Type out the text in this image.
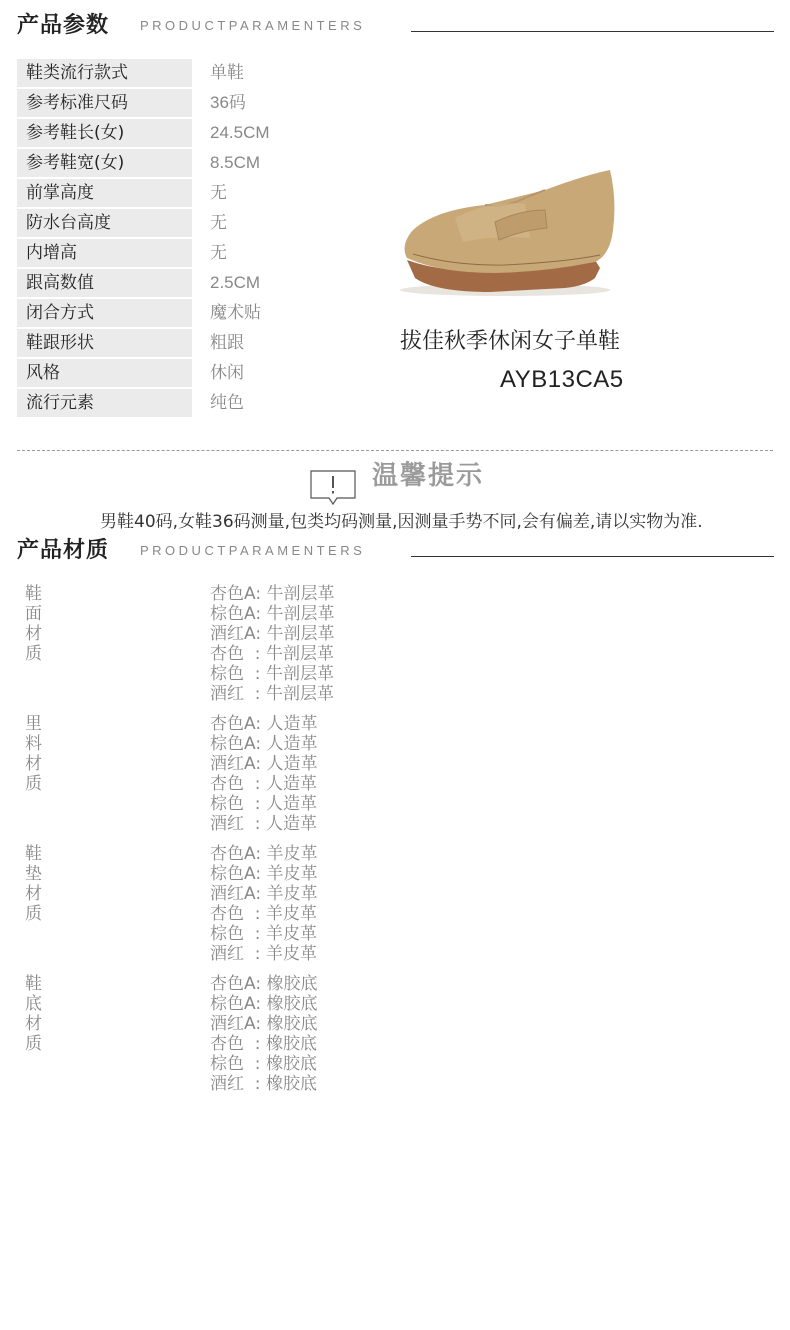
产品参数 PRODUCTPARAMENTERS
鞋类流行款式	单鞋
参考标准尺码	36码
参考鞋长(女)	24.5CM
参考鞋宽(女)	8.5CM
前掌高度	无
防水台高度	无
内增高	无
跟高数值	2.5CM
闭合方式	魔术贴
鞋跟形状	粗跟
风格	休闲
流行元素	纯色
拔佳秋季休闲女子单鞋
AYB13CA5
温馨提示
男鞋40码,女鞋36码测量,包类均码测量,因测量手势不同,会有偏差,请以实物为准.
产品材质 PRODUCTPARAMENTERS
鞋面材质
杏色A: 牛剖层革
棕色A: 牛剖层革
酒红A: 牛剖层革
杏色  : 牛剖层革
棕色  : 牛剖层革
酒红  : 牛剖层革
里料材质
杏色A: 人造革
棕色A: 人造革
酒红A: 人造革
杏色  : 人造革
棕色  : 人造革
酒红  : 人造革
鞋垫材质
杏色A: 羊皮革
棕色A: 羊皮革
酒红A: 羊皮革
杏色  : 羊皮革
棕色  : 羊皮革
酒红  : 羊皮革
鞋底材质
杏色A: 橡胶底
棕色A: 橡胶底
酒红A: 橡胶底
杏色  : 橡胶底
棕色  : 橡胶底
酒红  : 橡胶底
